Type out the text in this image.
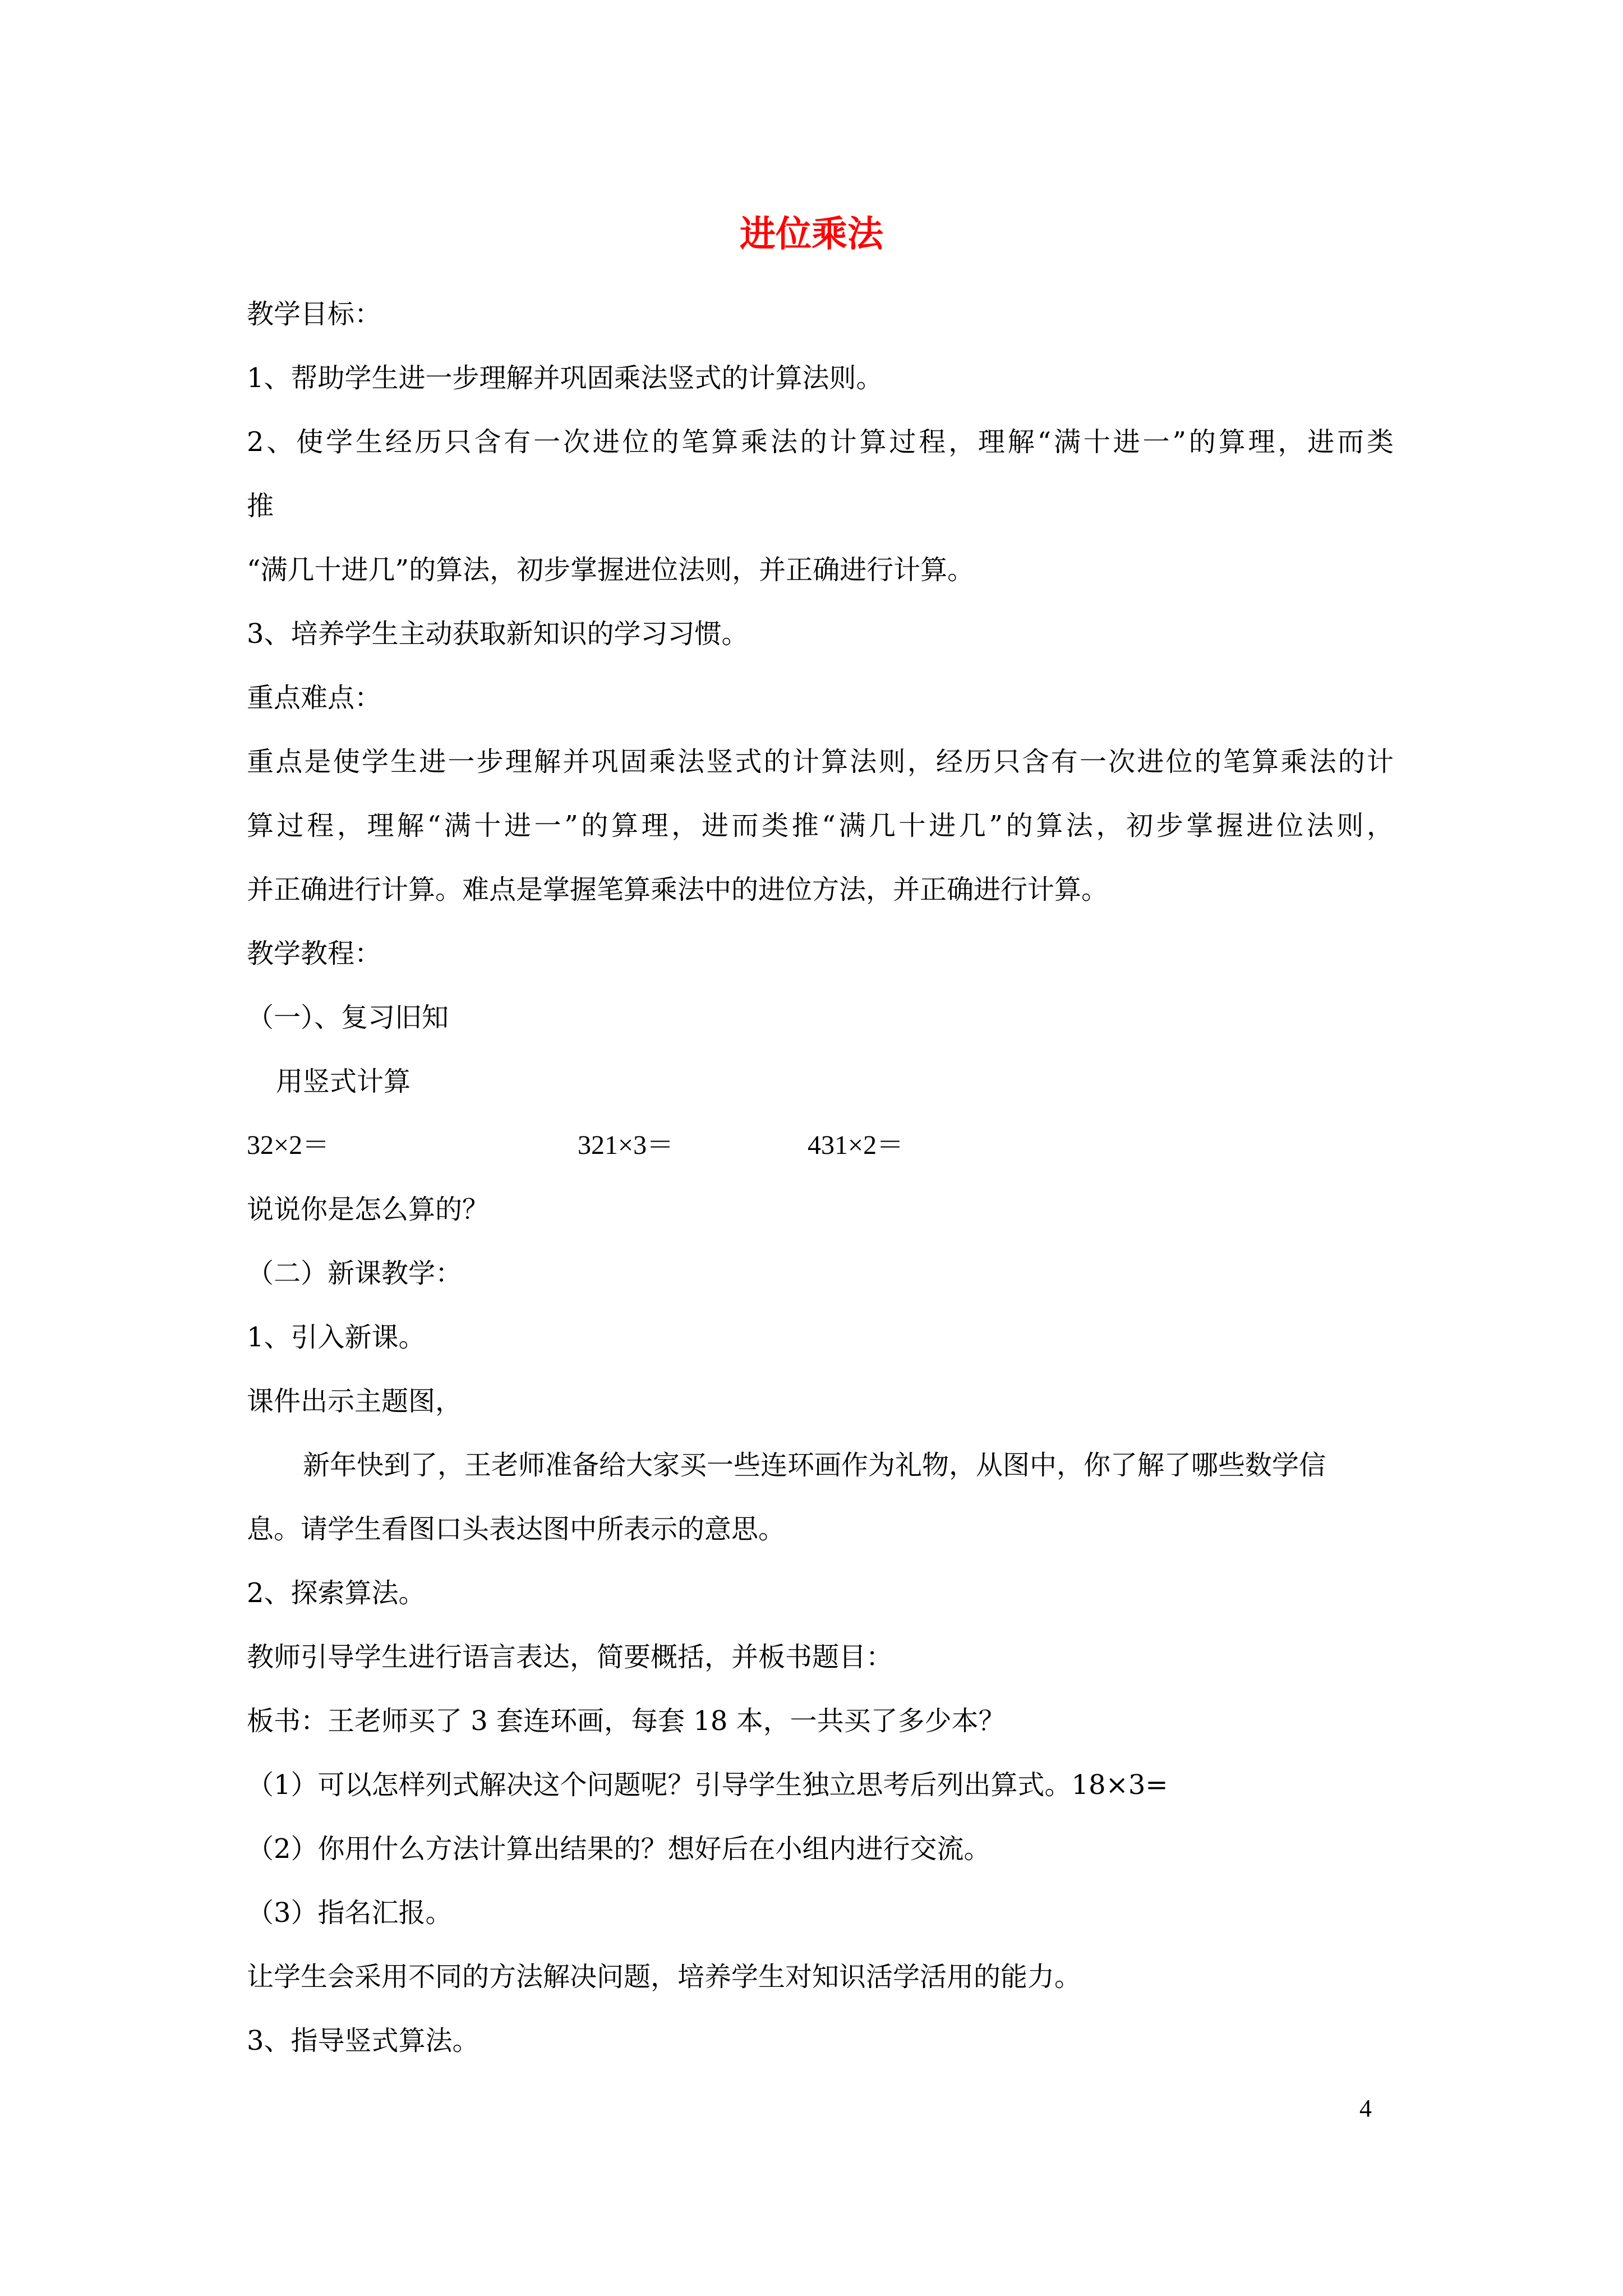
进位乘法
教学目标：
1、帮助学生进一步理解并巩固乘法竖式的计算法则。
2、使学生经历只含有一次进位的笔算乘法的计算过程，理解“满十进一”的算理，进而类
推
“满几十进几”的算法，初步掌握进位法则，并正确进行计算。
3、培养学生主动获取新知识的学习习惯。
重点难点：
重点是使学生进一步理解并巩固乘法竖式的计算法则，经历只含有一次进位的笔算乘法的计
算过程，理解“满十进一”的算理，进而类推“满几十进几”的算法，初步掌握进位法则，
并正确进行计算。难点是掌握笔算乘法中的进位方法，并正确进行计算。
教学教程：
（一）、复习旧知
用竖式计算
32×2＝	321×3＝	431×2＝
说说你是怎么算的？
（二）新课教学：
1、引入新课。
课件出示主题图，
新年快到了，王老师准备给大家买一些连环画作为礼物，从图中，你了解了哪些数学信
息。请学生看图口头表达图中所表示的意思。
2、探索算法。
教师引导学生进行语言表达，简要概括，并板书题目：
板书：王老师买了 3 套连环画，每套 18 本，一共买了多少本？
（1）可以怎样列式解决这个问题呢？引导学生独立思考后列出算式。18×3=
（2）你用什么方法计算出结果的？想好后在小组内进行交流。
（3）指名汇报。
让学生会采用不同的方法解决问题，培养学生对知识活学活用的能力。
3、指导竖式算法。
4
